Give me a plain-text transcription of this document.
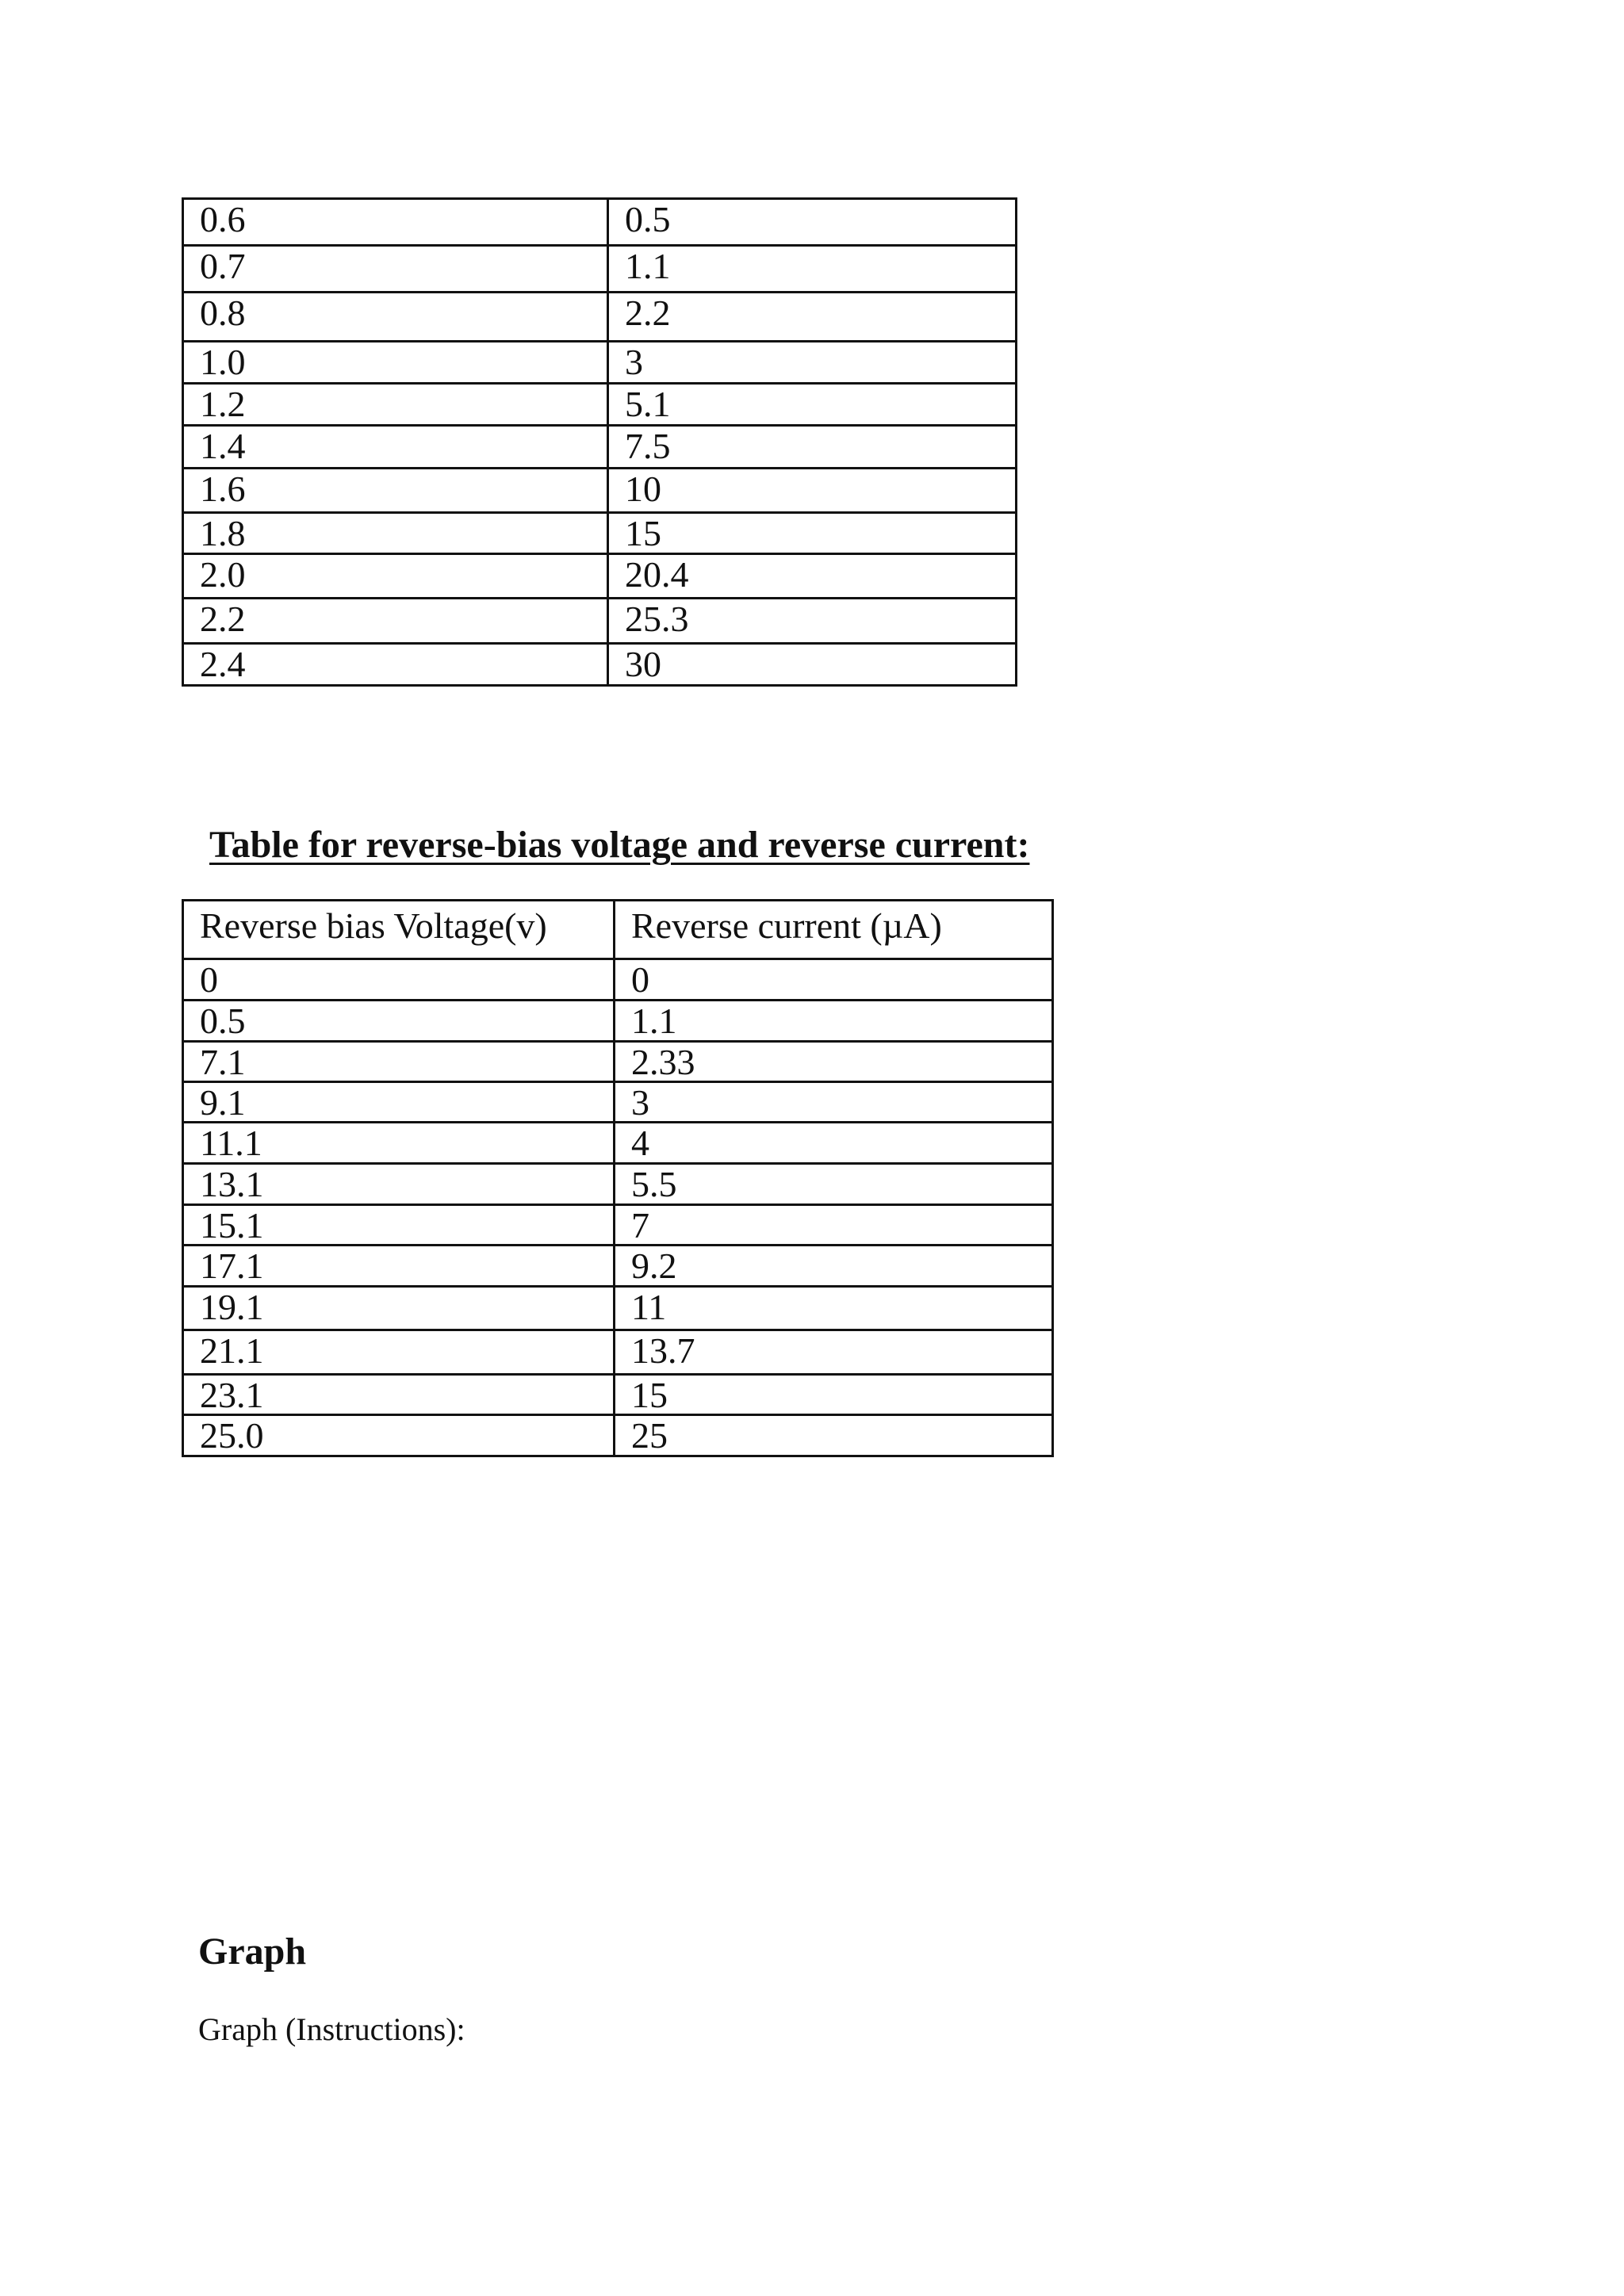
0.6	0.5

0.7	1.1

0.8	2.2

1.0	3

1.2	5.1

1.4	7.5

1.6	10

1.8	15

2.0	20.4

2.2	25.3

2.4	30
Table for reverse-bias voltage and reverse current:
Reverse bias Voltage(v)	Reverse current (µA)

0	0

0.5	1.1

7.1	2.33

9.1	3

11.1	4

13.1	5.5

15.1	7

17.1	9.2

19.1	11

21.1	13.7

23.1	15

25.0	25
Graph

Graph (Instructions):
